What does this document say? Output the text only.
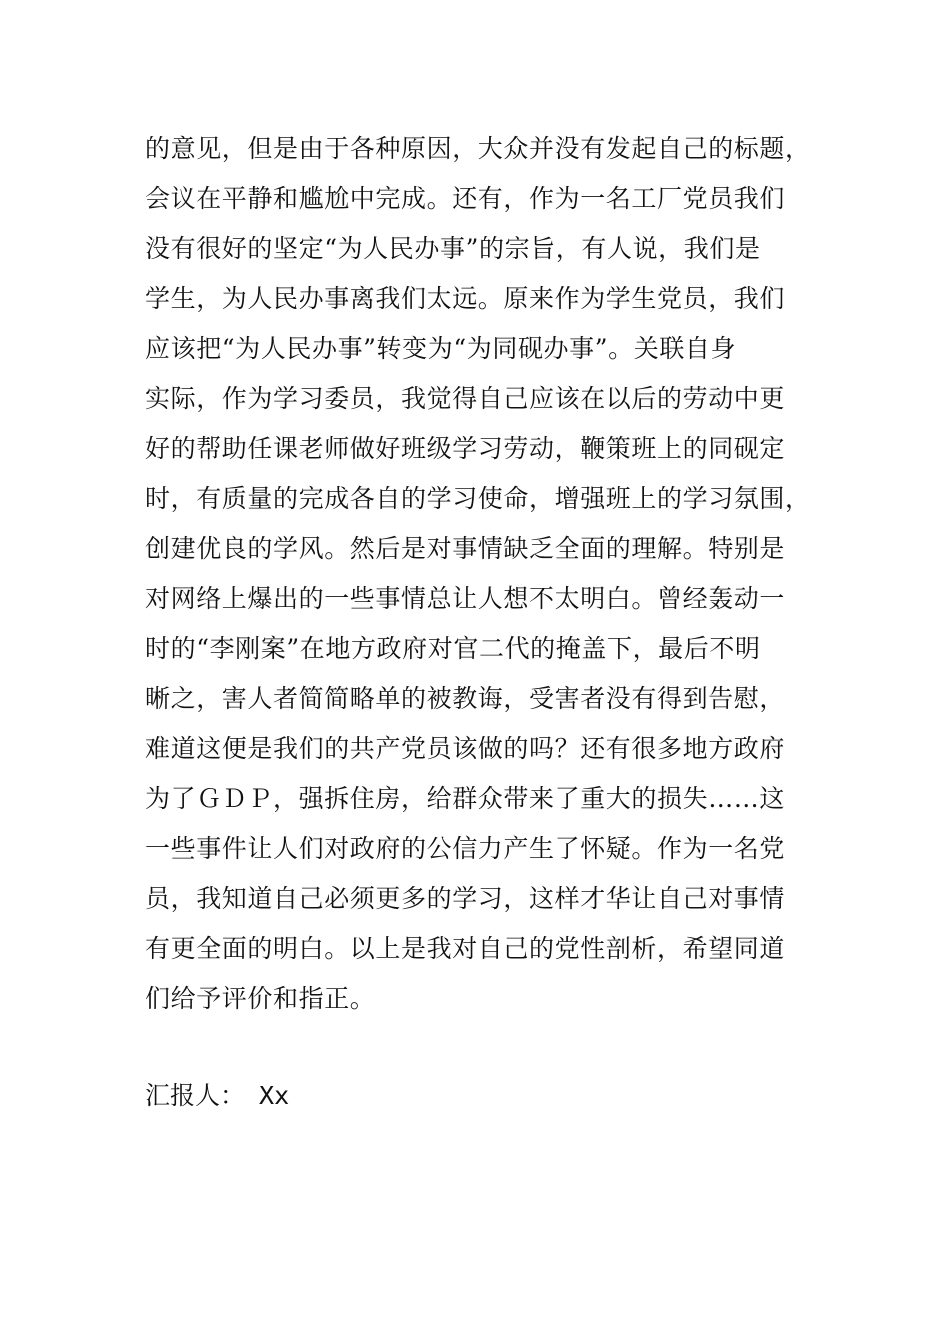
的意见，但是由于各种原因，大众并没有发起自己的标题，
会议在平静和尴尬中完成。还有，作为一名工厂党员我们
没有很好的坚定“为人民办事”的宗旨，有人说，我们是
学生，为人民办事离我们太远。原来作为学生党员，我们
应该把“为人民办事”转变为“为同砚办事”。关联自身
实际，作为学习委员，我觉得自己应该在以后的劳动中更
好的帮助任课老师做好班级学习劳动，鞭策班上的同砚定
时，有质量的完成各自的学习使命，增强班上的学习氛围，
创建优良的学风。然后是对事情缺乏全面的理解。特别是
对网络上爆出的一些事情总让人想不太明白。曾经轰动一
时的“李刚案”在地方政府对官二代的掩盖下，最后不明
晰之，害人者简简略单的被教诲，受害者没有得到告慰，
难道这便是我们的共产党员该做的吗？还有很多地方政府
为了ＧＤＰ，强拆住房，给群众带来了重大的损失……这
一些事件让人们对政府的公信力产生了怀疑。作为一名党
员，我知道自己必须更多的学习，这样才华让自己对事情
有更全面的明白。以上是我对自己的党性剖析，希望同道
们给予评价和指正。
汇报人： Xx
